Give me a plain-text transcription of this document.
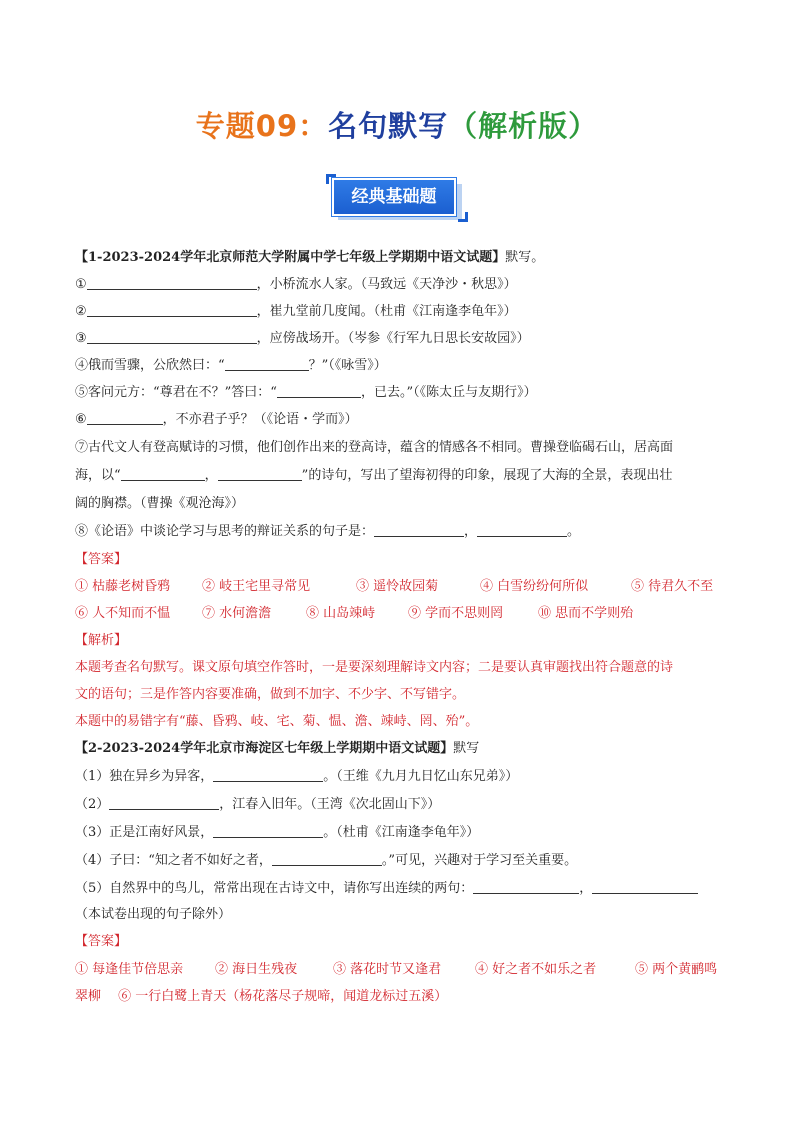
专题09：名句默写（解析版）
经典基础题
【1-2023-2024学年北京师范大学附属中学七年级上学期期中语文试题】默写。
①	，小桥流水人家。（马致远《天净沙・秋思》）
②	，崔九堂前几度闻。（杜甫《江南逢李龟年》）
③	，应傍战场开。（岑参《行军九日思长安故园》）
④俄而雪骤，公欣然曰：“	？”（《咏雪》）
⑤客问元方：“尊君在不？”答曰：“	，已去。”（《陈太丘与友期行》）
⑥	，不亦君子乎？（《论语・学而》）
⑦古代文人有登高赋诗的习惯，他们创作出来的登高诗，蕴含的情感各不相同。曹操登临碣石山，居高面
海，以“	，	”的诗句，写出了望海初得的印象，展现了大海的全景，表现出壮
阔的胸襟。（曹操《观沧海》）
⑧《论语》中谈论学习与思考的辩证关系的句子是：	，	。
【答案】
① 枯藤老树昏鸦 ② 岐王宅里寻常见	③ 遥怜故园菊	④ 白雪纷纷何所似	⑤ 待君久不至
⑥ 人不知而不愠 ⑦ 水何澹澹	⑧ 山岛竦峙	⑨ 学而不思则罔	⑩ 思而不学则殆
【解析】
本题考查名句默写。课文原句填空作答时，一是要深刻理解诗文内容；二是要认真审题找出符合题意的诗
文的语句；三是作答内容要准确，做到不加字、不少字、不写错字。
本题中的易错字有“藤、昏鸦、岐、宅、菊、愠、澹、竦峙、罔、殆”。
【2-2023-2024学年北京市海淀区七年级上学期期中语文试题】默写
（1）独在异乡为异客，	。（王维《九月九日忆山东兄弟》）
（2）	，江春入旧年。（王湾《次北固山下》）
（3）正是江南好风景，	。（杜甫《江南逢李龟年》）
（4）子曰：“知之者不如好之者，	。”可见，兴趣对于学习至关重要。
（5）自然界中的鸟儿，常常出现在古诗文中，请你写出连续的两句：	，
（本试卷出现的句子除外）
【答案】
① 每逢佳节倍思亲 ② 海日生残夜	③ 落花时节又逢君	④ 好之者不如乐之者	⑤ 两个黄鹂鸣
翠柳　 ⑥ 一行白鹭上青天（杨花落尽子规啼，闻道龙标过五溪）
